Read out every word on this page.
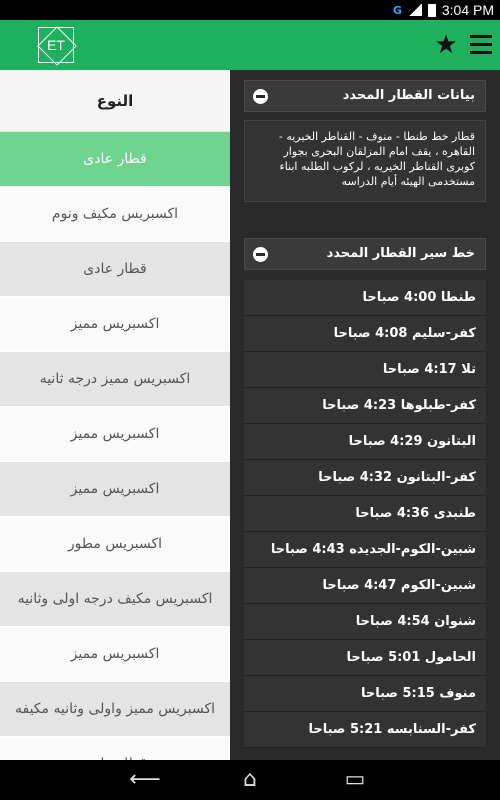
G	3:04 PM
ET	★
النوع
قطار عادى
اكسبريس مكيف ونوم
قطار عادى
اكسبريس مميز
اكسبريس مميز درجه ثانيه
اكسبريس مميز
اكسبريس مميز
اكسبريس مطور
اكسبريس مكيف درجه اولى وثانيه
اكسبريس مميز
اكسبريس مميز واولى وثانيه مكيفه
بيانات القطار المحدد
قطار خط طنطا - منوف - القناطر الخيريه - القاهره ، يقف امام المزلقان البحرى بجوار كوبرى القناطر الخيريه ، لركوب الطلبه ابناء مستخدمى الهيئه أيام الدراسه
خط سير القطار المحدد
طنطا 4:00 صباحا
كفر-سليم 4:08 صباحا
تلا 4:17 صباحا
كفر-طبلوها 4:23 صباحا
البتانون 4:29 صباحا
كفر-البتانون 4:32 صباحا
طنبدى 4:36 صباحا
شبين-الكوم-الجديده 4:43 صباحا
شبين-الكوم 4:47 صباحا
شنوان 4:54 صباحا
الحامول 5:01 صباحا
منوف 5:15 صباحا
كفر-السنابسه 5:21 صباحا
⟵	⌂	▭
